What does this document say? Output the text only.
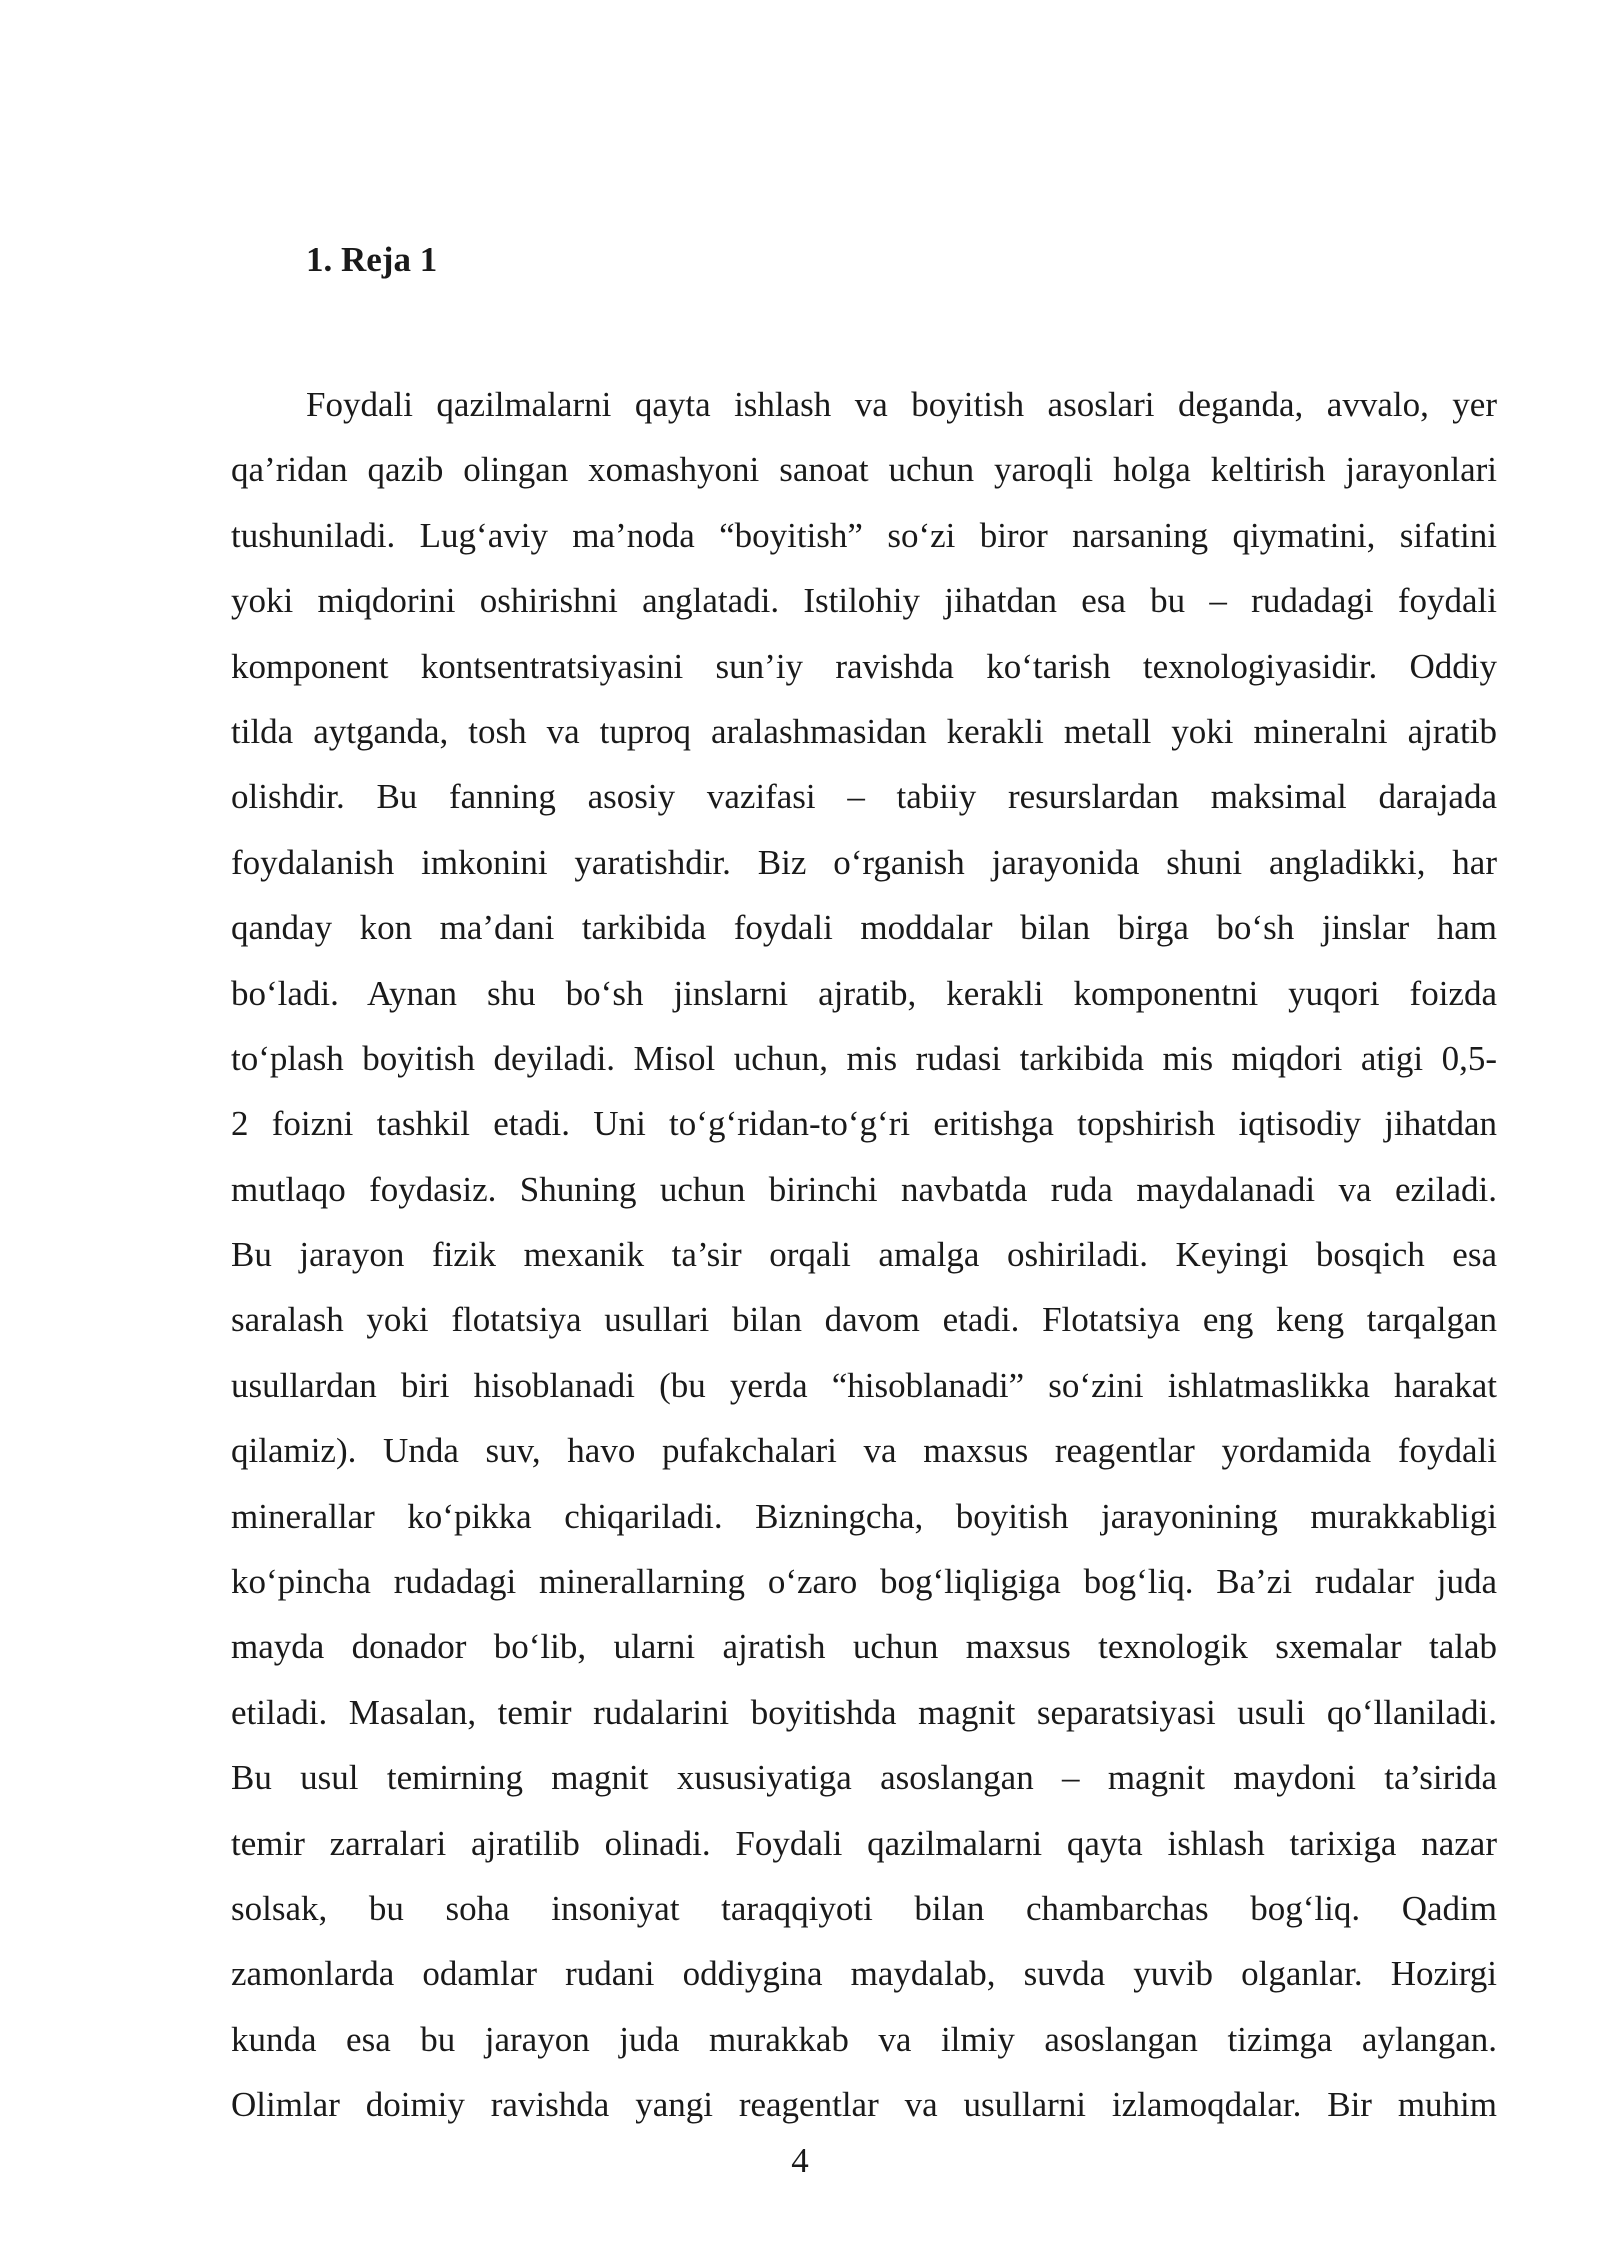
1. Reja 1
Foydali qazilmalarni qayta ishlash va boyitish asoslari deganda, avvalo, yer
qa’ridan qazib olingan xomashyoni sanoat uchun yaroqli holga keltirish jarayonlari
tushuniladi. Lug‘aviy ma’noda “boyitish” so‘zi biror narsaning qiymatini, sifatini
yoki miqdorini oshirishni anglatadi. Istilohiy jihatdan esa bu – rudadagi foydali
komponent kontsentratsiyasini sun’iy ravishda ko‘tarish texnologiyasidir. Oddiy
tilda aytganda, tosh va tuproq aralashmasidan kerakli metall yoki mineralni ajratib
olishdir. Bu fanning asosiy vazifasi – tabiiy resurslardan maksimal darajada
foydalanish imkonini yaratishdir. Biz o‘rganish jarayonida shuni angladikki, har
qanday kon ma’dani tarkibida foydali moddalar bilan birga bo‘sh jinslar ham
bo‘ladi. Aynan shu bo‘sh jinslarni ajratib, kerakli komponentni yuqori foizda
to‘plash boyitish deyiladi. Misol uchun, mis rudasi tarkibida mis miqdori atigi 0,5-
2 foizni tashkil etadi. Uni to‘g‘ridan-to‘g‘ri eritishga topshirish iqtisodiy jihatdan
mutlaqo foydasiz. Shuning uchun birinchi navbatda ruda maydalanadi va eziladi.
Bu jarayon fizik mexanik ta’sir orqali amalga oshiriladi. Keyingi bosqich esa
saralash yoki flotatsiya usullari bilan davom etadi. Flotatsiya eng keng tarqalgan
usullardan biri hisoblanadi (bu yerda “hisoblanadi” so‘zini ishlatmaslikka harakat
qilamiz). Unda suv, havo pufakchalari va maxsus reagentlar yordamida foydali
minerallar ko‘pikka chiqariladi. Bizningcha, boyitish jarayonining murakkabligi
ko‘pincha rudadagi minerallarning o‘zaro bog‘liqligiga bog‘liq. Ba’zi rudalar juda
mayda donador bo‘lib, ularni ajratish uchun maxsus texnologik sxemalar talab
etiladi. Masalan, temir rudalarini boyitishda magnit separatsiyasi usuli qo‘llaniladi.
Bu usul temirning magnit xususiyatiga asoslangan – magnit maydoni ta’sirida
temir zarralari ajratilib olinadi. Foydali qazilmalarni qayta ishlash tarixiga nazar
solsak, bu soha insoniyat taraqqiyoti bilan chambarchas bog‘liq. Qadim
zamonlarda odamlar rudani oddiygina maydalab, suvda yuvib olganlar. Hozirgi
kunda esa bu jarayon juda murakkab va ilmiy asoslangan tizimga aylangan.
Olimlar doimiy ravishda yangi reagentlar va usullarni izlamoqdalar. Bir muhim
4
